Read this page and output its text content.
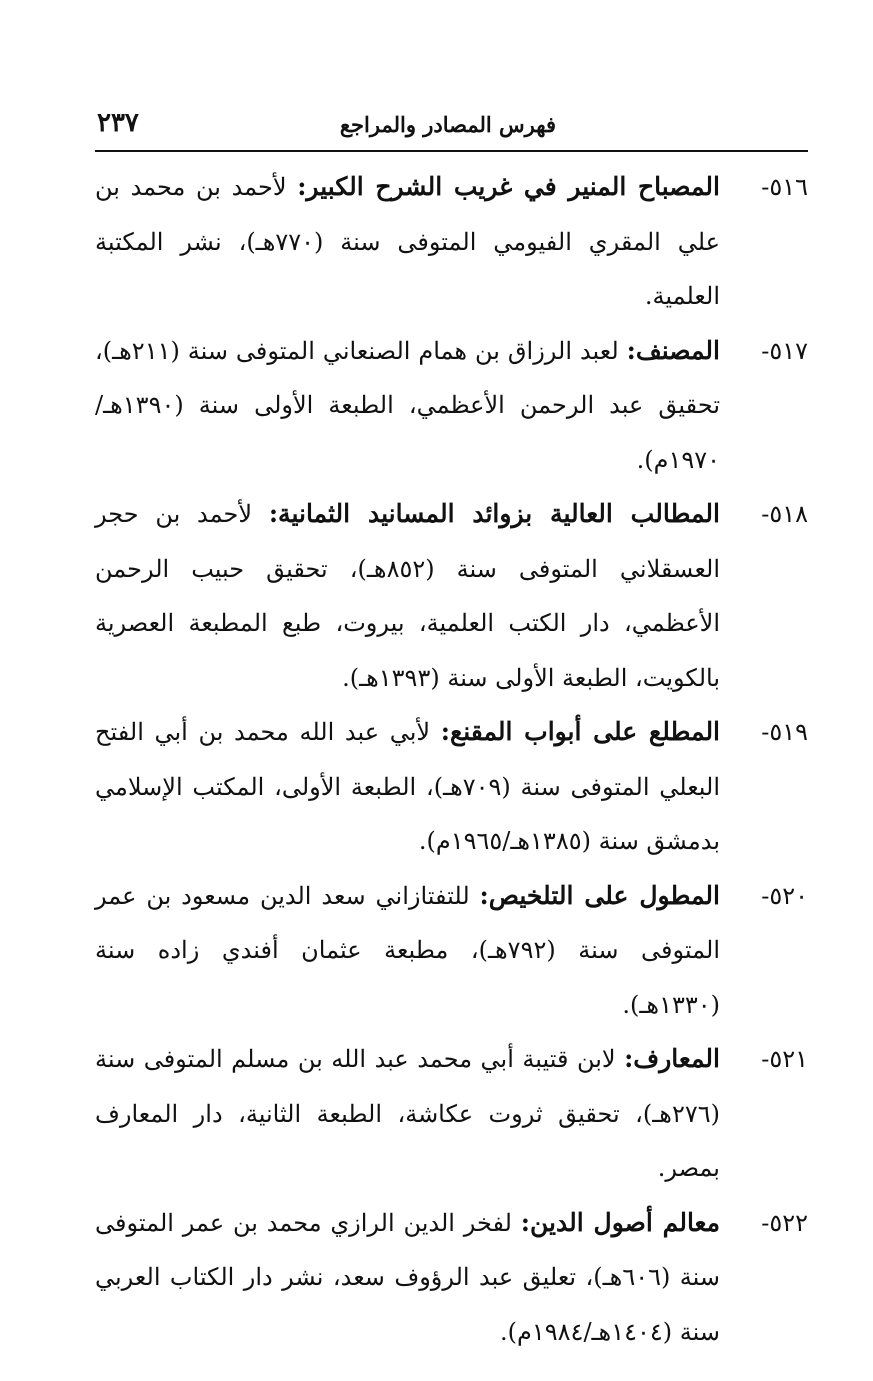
فهرس المصادر والمراجع
٢٣٧
٥١٦-
المصباح المنير في غريب الشرح الكبير: لأحمد بن محمد بن علي المقري الفيومي المتوفى سنة (٧٧٠هـ)، نشر المكتبة العلمية.
٥١٧-
المصنف: لعبد الرزاق بن همام الصنعاني المتوفى سنة (٢١١هـ)، تحقيق عبد الرحمن الأعظمي، الطبعة الأولى سنة (١٣٩٠هـ/ ١٩٧٠م).
٥١٨-
المطالب العالية بزوائد المسانيد الثمانية: لأحمد بن حجر العسقلاني المتوفى سنة (٨٥٢هـ)، تحقيق حبيب الرحمن الأعظمي، دار الكتب العلمية، بيروت، طبع المطبعة العصرية بالكويت، الطبعة الأولى سنة (١٣٩٣هـ).
٥١٩-
المطلع على أبواب المقنع: لأبي عبد الله محمد بن أبي الفتح البعلي المتوفى سنة (٧٠٩هـ)، الطبعة الأولى، المكتب الإسلامي بدمشق سنة (١٣٨٥هـ/١٩٦٥م).
٥٢٠-
المطول على التلخيص: للتفتازاني سعد الدين مسعود بن عمر المتوفى سنة (٧٩٢هـ)، مطبعة عثمان أفندي زاده سنة (١٣٣٠هـ).
٥٢١-
المعارف: لابن قتيبة أبي محمد عبد الله بن مسلم المتوفى سنة (٢٧٦هـ)، تحقيق ثروت عكاشة، الطبعة الثانية، دار المعارف بمصر.
٥٢٢-
معالم أصول الدين: لفخر الدين الرازي محمد بن عمر المتوفى سنة (٦٠٦هـ)، تعليق عبد الرؤوف سعد، نشر دار الكتاب العربي سنة (١٤٠٤هـ/١٩٨٤م).
